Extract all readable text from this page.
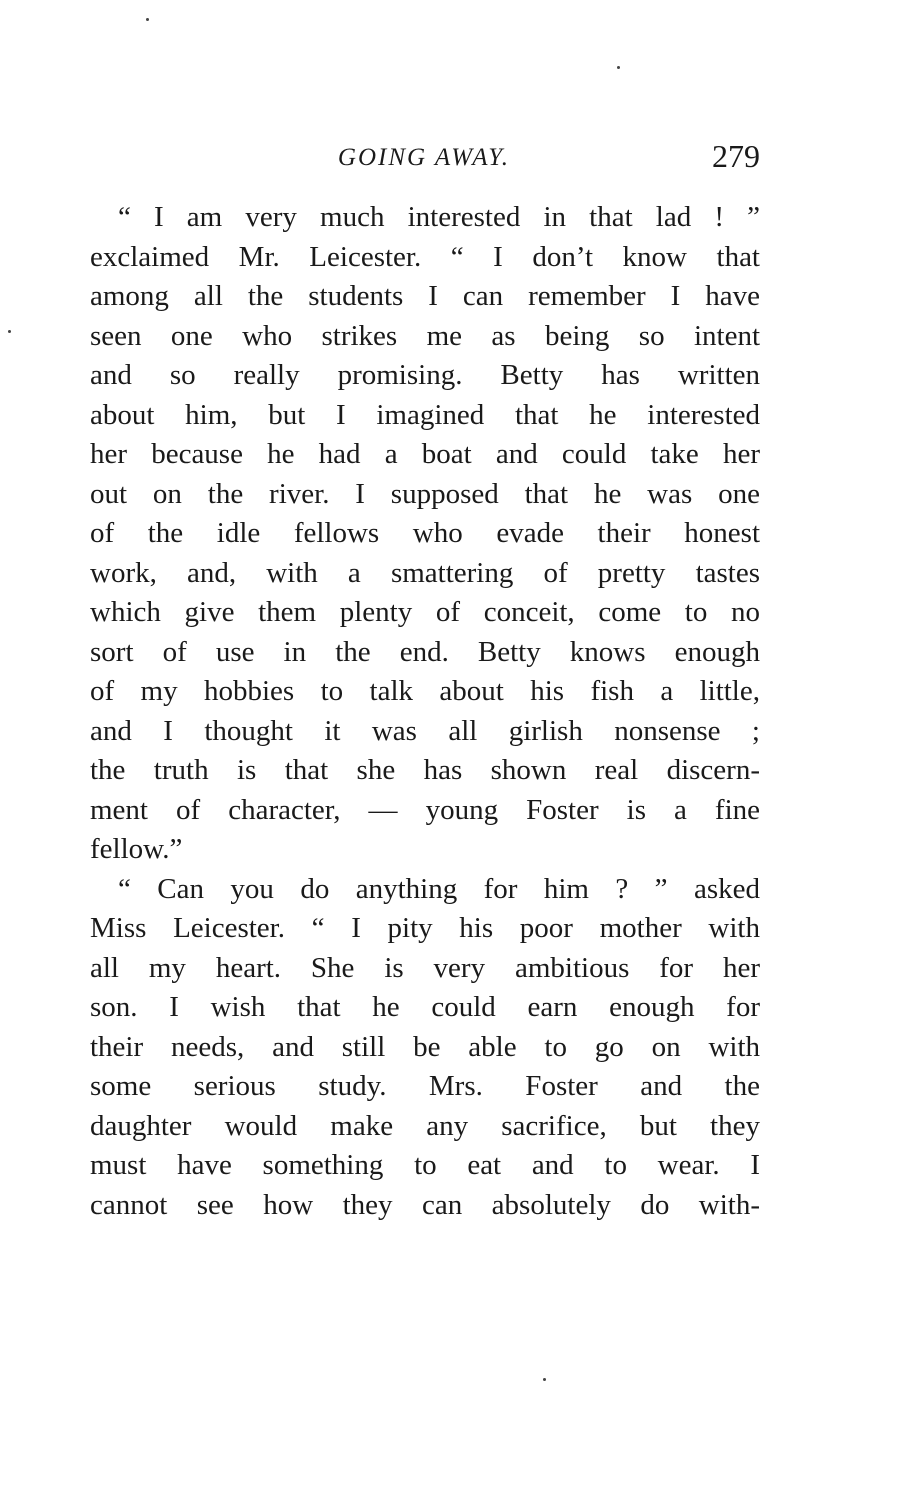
GOING AWAY.	279
“ I am very much interested in that lad ! ”
exclaimed Mr. Leicester. “ I don’t know that
among all the students I can remember I have
seen one who strikes me as being so intent
and so really promising. Betty has written
about him, but I imagined that he interested
her because he had a boat and could take her
out on the river. I supposed that he was one
of the idle fellows who evade their honest
work, and, with a smattering of pretty tastes
which give them plenty of conceit, come to no
sort of use in the end. Betty knows enough
of my hobbies to talk about his fish a little,
and I thought it was all girlish nonsense ;
the truth is that she has shown real discern-
ment of character, — young Foster is a fine
fellow.”
“ Can you do anything for him ? ” asked
Miss Leicester. “ I pity his poor mother with
all my heart. She is very ambitious for her
son. I wish that he could earn enough for
their needs, and still be able to go on with
some serious study. Mrs. Foster and the
daughter would make any sacrifice, but they
must have something to eat and to wear. I
cannot see how they can absolutely do with-
